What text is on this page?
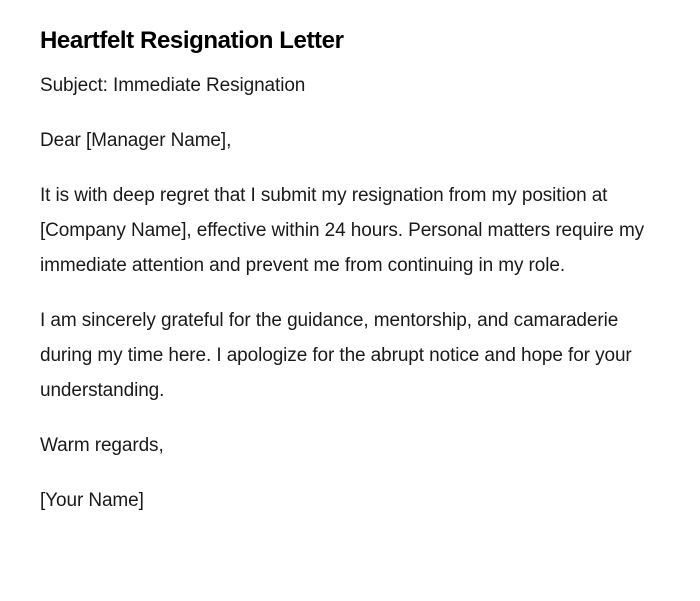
Heartfelt Resignation Letter

Subject: Immediate Resignation

Dear [Manager Name],

It is with deep regret that I submit my resignation from my position at [Company Name], effective within 24 hours. Personal matters require my immediate attention and prevent me from continuing in my role.

I am sincerely grateful for the guidance, mentorship, and camaraderie during my time here. I apologize for the abrupt notice and hope for your understanding.

Warm regards,

[Your Name]
